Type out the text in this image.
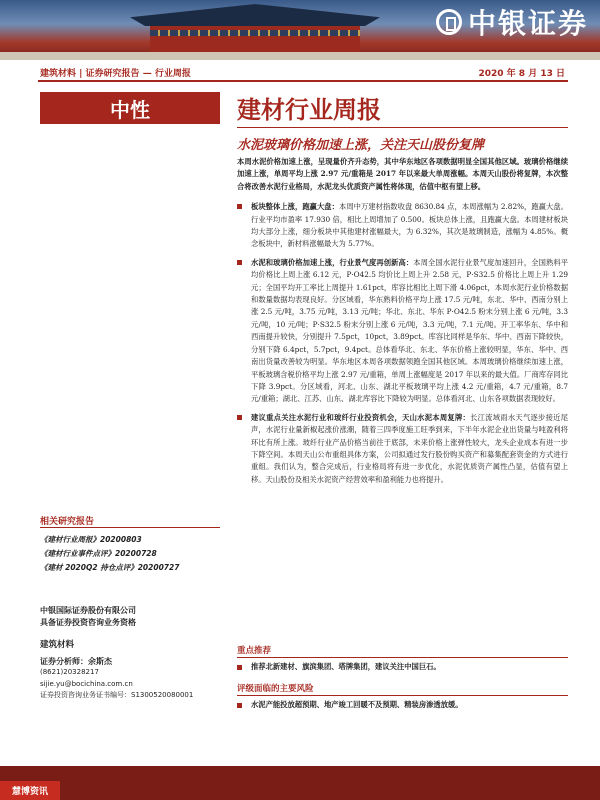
中银证券
建筑材料 | 证券研究报告 — 行业周报	2020 年 8 月 13 日
中性	建材行业周报
水泥玻璃价格加速上涨，关注天山股份复牌

本周水泥价格加速上涨，呈现量价齐升态势，其中华东地区各项数据明显全国其他区域。玻璃价格继续加速上涨，单周平均上涨 2.97 元/重箱是 2017 年以来最大单周涨幅。本周天山股份将复牌，本次整合将改善水泥行业格局，水泥龙头优质资产属性将体现，估值中枢有望上移。

板块整体上涨，跑赢大盘：本周中万建材指数收盘 8630.84 点，本周涨幅为 2.82%，跑赢大盘。行业平均市盈率 17.930 倍，相比上周增加了 0.500。板块总体上涨，且跑赢大盘。本周建材板块均大部分上涨，细分板块中其他建材涨幅最大，为 6.32%，其次是玻璃制造，涨幅为 4.85%。概念板块中，新材料涨幅最大为 5.77%。
水泥和玻璃价格加速上涨，行业景气度再创新高：本周全国水泥行业景气度加速回升，全国熟料平均价格比上周上涨 6.12 元，P·O42.5 均价比上周上升 2.58 元，P·S32.5 价格比上周上升 1.29 元；全国平均开工率比上周提升 1.61pct，库容比相比上周下滑 4.06pct，本周水泥行业价格数据和数量数据均表现良好。分区域看，华东熟料价格平均上涨 17.5 元/吨，东北、华中、西南分别上涨 2.5 元/吨，3.75 元/吨，3.13 元/吨；华北、东北、华东 P·O42.5 粉末分别上涨 6 元/吨，3.3 元/吨，10 元/吨；P·S32.5 粉末分别上涨 6 元/吨，3.3 元/吨，7.1 元/吨。开工率华东、华中和西南提升较快，分别提升 7.5pct，10pct，3.89pct。库容比同样是华东、华中、西南下降较快，分别下降 6.4pct，5.7pct，9.4pct。总体看华北、东北、华东价格上涨较明显，华东、华中、西南出货量改善较为明显。华东地区本周各项数据领跑全国其他区域。本周玻璃价格继续加速上涨，平板玻璃含税价格平均上涨 2.97 元/重箱，单周上涨幅度是 2017 年以来的最大值。厂商库存同比下降 3.9pct。分区域看，河北、山东、湖北平板玻璃平均上涨 4.2 元/重箱，4.7 元/重箱，8.7 元/重箱；湖北、江苏、山东、湖北库容比下降较为明显。总体看河北、山东各项数据表现较好。
建议重点关注水泥行业和玻纤行业投资机会，天山水泥本周复牌：长江流域雨水天气逐步接近尾声，水泥行业量新椒起涨价涨潮，随着三四季度施工旺季到来，下半年水泥企业出货量与吨盈利将环比有所上涨。玻纤行业产品价格当前往于底部，未来价格上涨弹性较大，龙头企业成本有进一步下降空间。本周天山公布重组具体方案，公司拟通过发行股份购买资产和募集配套资金的方式进行重组。我们认为，整合完成后，行业格局将有进一步优化，水泥优质资产属性凸显，估值有望上移。天山股份及相关水泥资产经营效率和盈利能力也将提升。
重点推荐
推荐北新建材、旗滨集团、塔牌集团，建议关注中国巨石。
评级面临的主要风险
水泥产能投放超预期、地产竣工回暖不及预期、精装房渗透放缓。
相关研究报告
《建材行业周报》20200803
《建材行业事件点评》20200728
《建材 2020Q2 持仓点评》20200727
中银国际证券股份有限公司
具备证券投资咨询业务资格
建筑材料
证券分析师：余斯杰
(8621)20328217
sijie.yu@bocichina.com.cn
证券投资咨询业务证书编号：S1300520080001
慧博资讯
